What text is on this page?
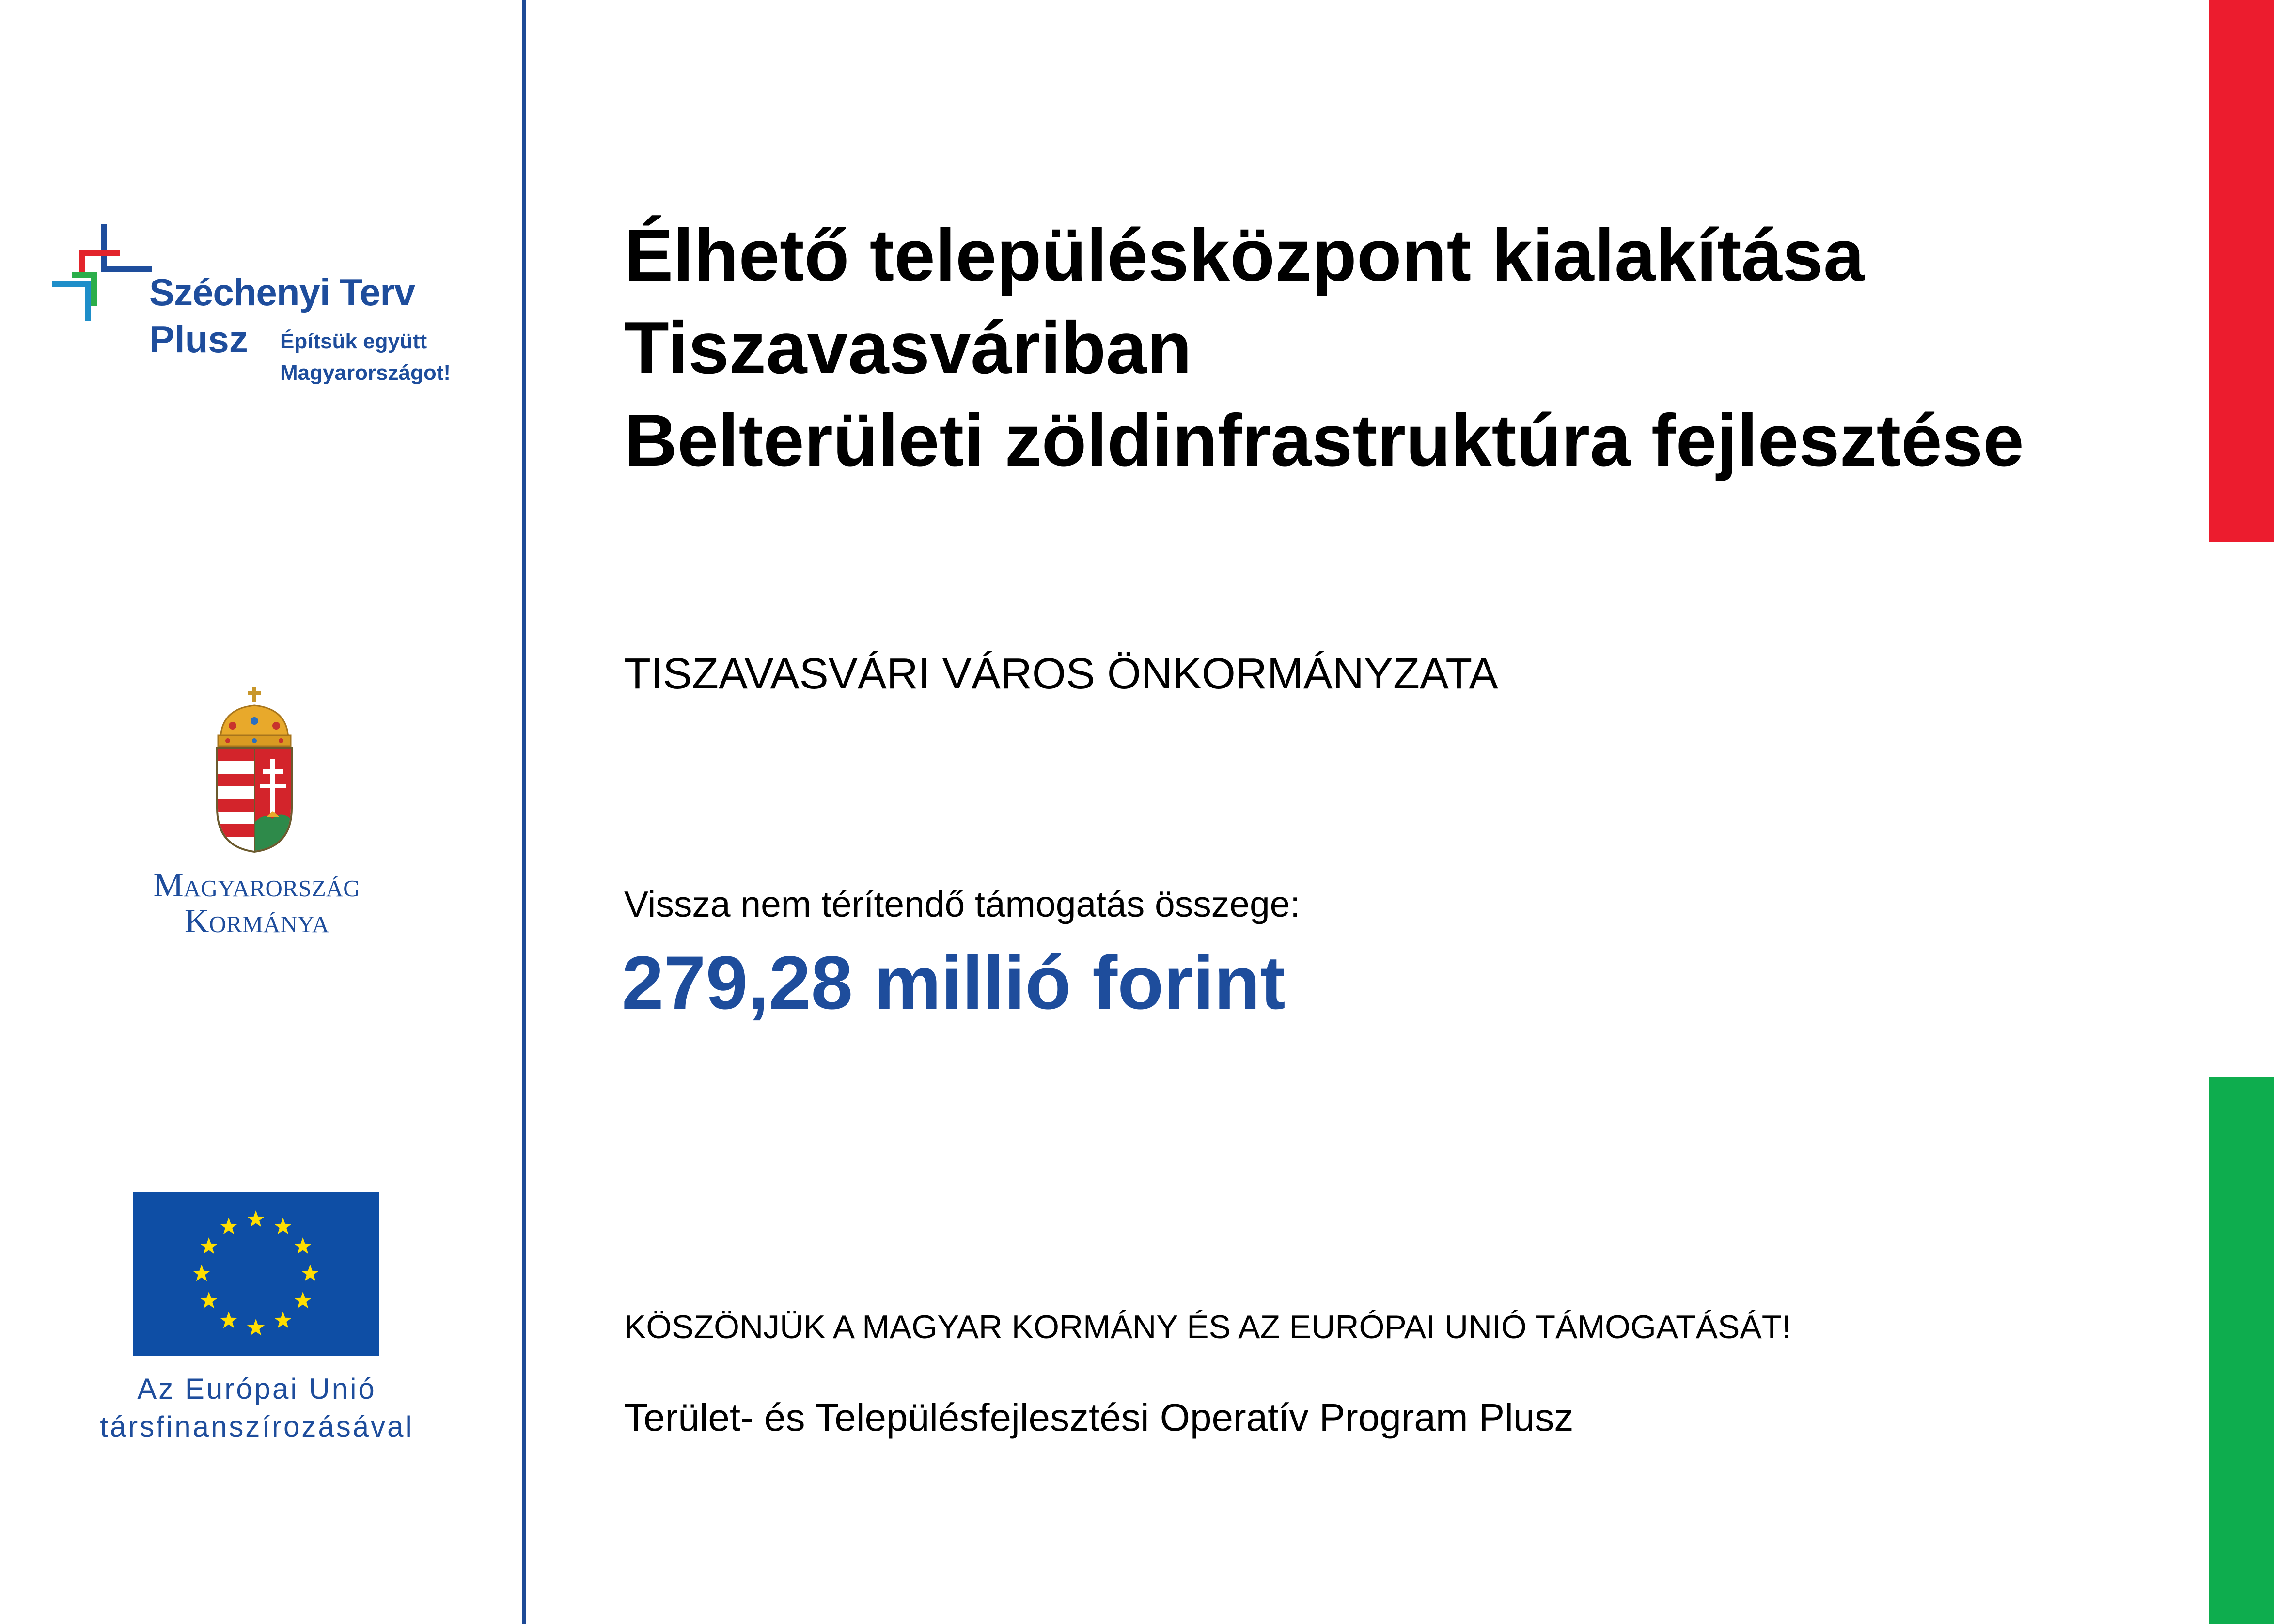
Széchenyi Terv
Plusz Építsük együtt
Magyarországot!
Magyarország
Kormánya
Az Európai Unió
társfinanszírozásával
Élhető településközpont kialakítása
Tiszavasváriban
Belterületi zöldinfrastruktúra fejlesztése
TISZAVASVÁRI VÁROS ÖNKORMÁNYZATA
Vissza nem térítendő támogatás összege:
279,28 millió forint
KÖSZÖNJÜK A MAGYAR KORMÁNY ÉS AZ EURÓPAI UNIÓ TÁMOGATÁSÁT!
Terület- és Településfejlesztési Operatív Program Plusz
